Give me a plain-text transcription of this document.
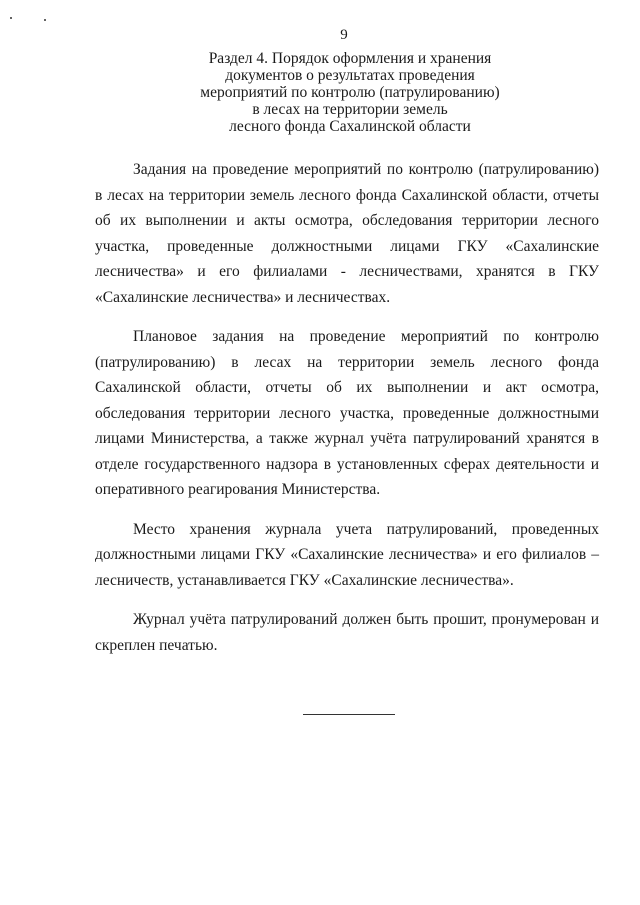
9
Раздел 4. Порядок оформления и хранения
документов о результатах проведения
мероприятий по контролю (патрулированию)
в лесах на территории земель
лесного фонда Сахалинской области

Задания на проведение мероприятий по контролю (патрулированию) в лесах на территории земель лесного фонда Сахалинской области, отчеты об их выполнении и акты осмотра, обследования территории лесного участка, проведенные должностными лицами ГКУ «Сахалинские лесничества» и его филиалами - лесничествами, хранятся в ГКУ «Сахалинские лесничества» и лесничествах.

Плановое задания на проведение мероприятий по контролю (патрулированию) в лесах на территории земель лесного фонда Сахалинской области, отчеты об их выполнении и акт осмотра, обследования территории лесного участка, проведенные должностными лицами Министерства, а также журнал учёта патрулирований хранятся в отделе государственного надзора в установленных сферах деятельности и оперативного реагирования Министерства.

Место хранения журнала учета патрулирований, проведенных должностными лицами ГКУ «Сахалинские лесничества» и его филиалов – лесничеств, устанавливается ГКУ «Сахалинские лесничества».

Журнал учёта патрулирований должен быть прошит, пронумерован и скреплен печатью.
